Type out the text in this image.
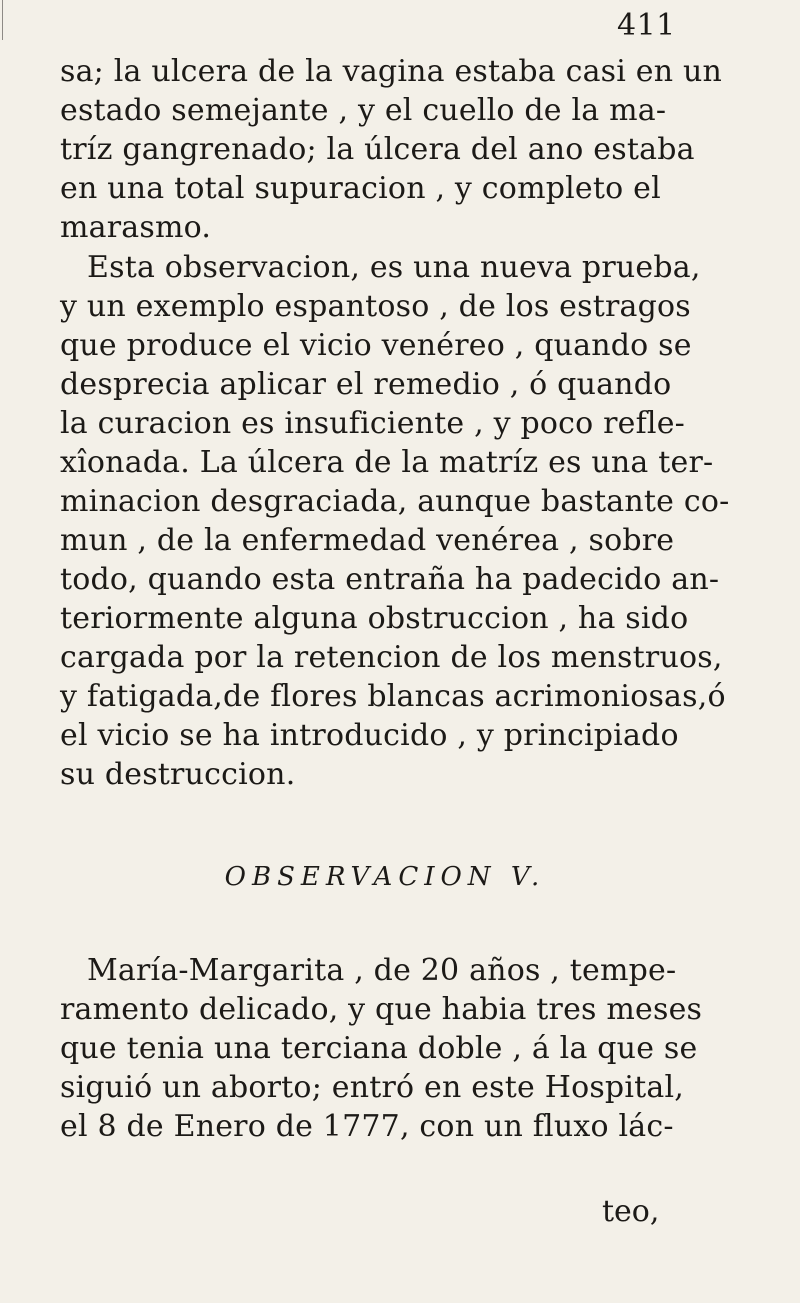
411
sa; la ulcera de la vagina estaba casi en un
estado semejante , y el cuello de la ma-
tríz gangrenado; la úlcera del ano estaba
en una total supuracion , y completo el
marasmo.
Esta observacion, es una nueva prueba,
y un exemplo espantoso , de los estragos
que produce el vicio venéreo , quando se
desprecia aplicar el remedio , ó quando
la curacion es insuficiente , y poco refle-
xîonada. La úlcera de la matríz es una ter-
minacion desgraciada, aunque bastante co-
mun , de la enfermedad venérea , sobre
todo, quando esta entraña ha padecido an-
teriormente alguna obstruccion , ha sido
cargada por la retencion de los menstruos,
y fatigada,de flores blancas acrimoniosas,ó
el vicio se ha introducido , y principiado
su destruccion.
OBSERVACION V.
María-Margarita , de 20 años , tempe-
ramento delicado, y que habia tres meses
que tenia una terciana doble , á la que se
siguió un aborto; entró en este Hospital,
el 8 de Enero de 1777, con un fluxo lác-
teo,
